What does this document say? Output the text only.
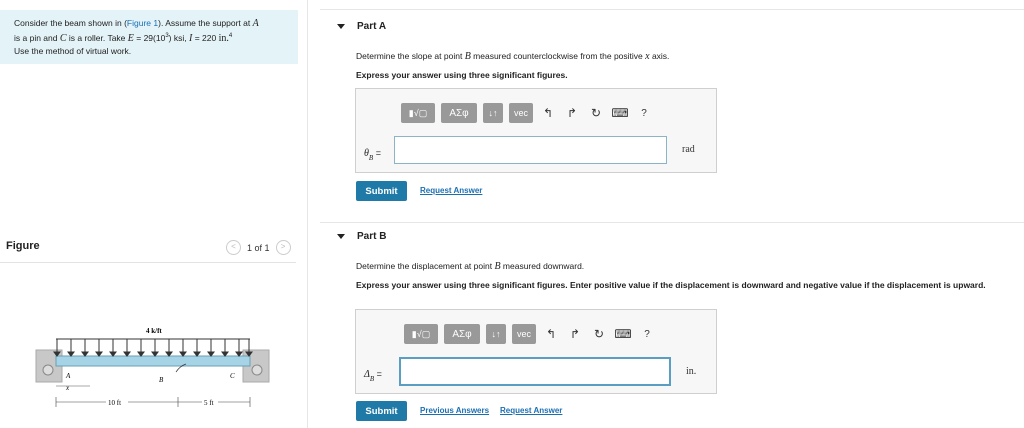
Consider the beam shown in (Figure 1). Assume the support at A
is a pin and C is a roller. Take $E = 29(10^3)$ ksi, I = 220 in.$^4$
Use the method of virtual work.
Figure	<	1 of 1	>
4 k/ft
A	B	C
x
10 ft	5 ft
Part A
Determine the slope at point B measured counterclockwise from the positive x axis.
Express your answer using three significant figures.
▮√▢	ΑΣφ	↓↑	vec	↰	↱	↻ ⌨	?
$\theta_B$ =	rad
Submit	Request Answer
Part B
Determine the displacement at point B measured downward.
Express your answer using three significant figures. Enter positive value if the displacement is downward and negative value if the displacement is upward.
▮√▢	ΑΣφ	↓↑	vec	↰	↱	↻ ⌨	?
$\Delta_B$ =	in.
Submit	Previous Answers Request Answer
